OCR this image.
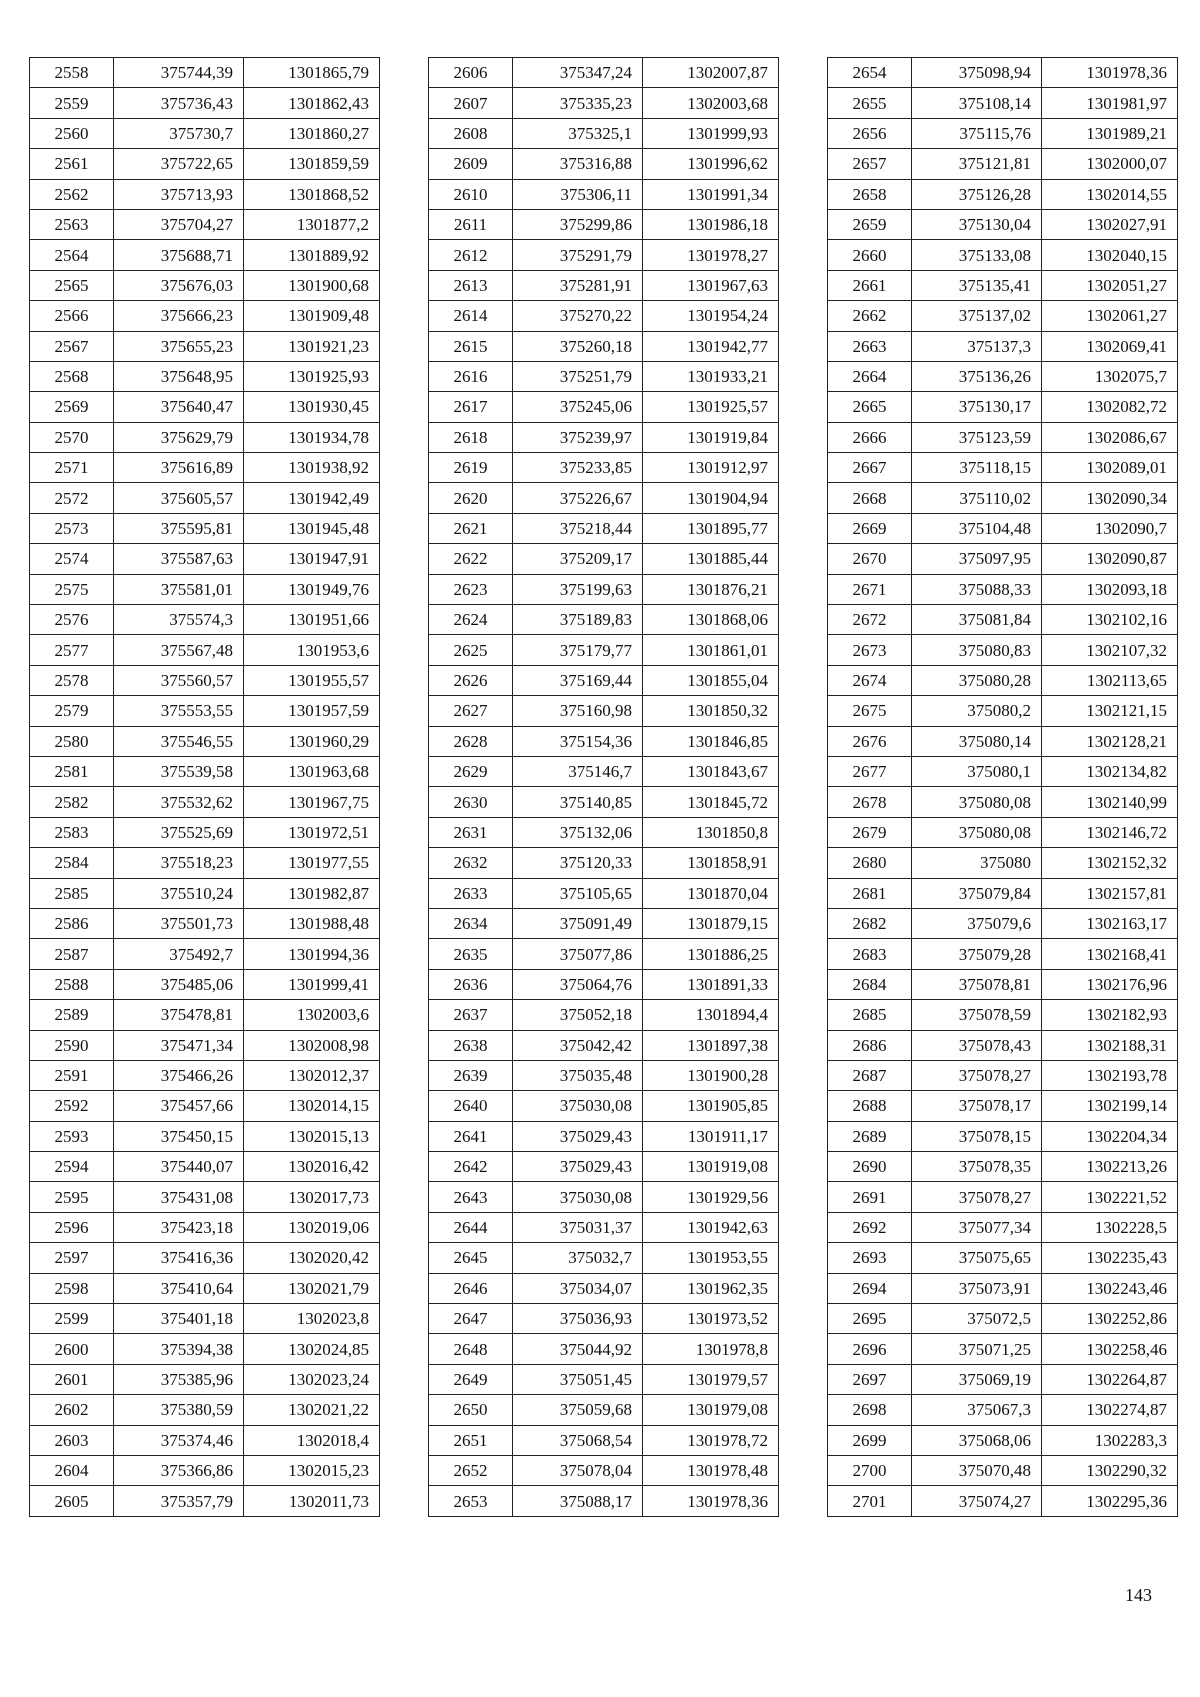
2558	375744,39	1301865,79
2559	375736,43	1301862,43
2560	375730,7	1301860,27
2561	375722,65	1301859,59
2562	375713,93	1301868,52
2563	375704,27	1301877,2
2564	375688,71	1301889,92
2565	375676,03	1301900,68
2566	375666,23	1301909,48
2567	375655,23	1301921,23
2568	375648,95	1301925,93
2569	375640,47	1301930,45
2570	375629,79	1301934,78
2571	375616,89	1301938,92
2572	375605,57	1301942,49
2573	375595,81	1301945,48
2574	375587,63	1301947,91
2575	375581,01	1301949,76
2576	375574,3	1301951,66
2577	375567,48	1301953,6
2578	375560,57	1301955,57
2579	375553,55	1301957,59
2580	375546,55	1301960,29
2581	375539,58	1301963,68
2582	375532,62	1301967,75
2583	375525,69	1301972,51
2584	375518,23	1301977,55
2585	375510,24	1301982,87
2586	375501,73	1301988,48
2587	375492,7	1301994,36
2588	375485,06	1301999,41
2589	375478,81	1302003,6
2590	375471,34	1302008,98
2591	375466,26	1302012,37
2592	375457,66	1302014,15
2593	375450,15	1302015,13
2594	375440,07	1302016,42
2595	375431,08	1302017,73
2596	375423,18	1302019,06
2597	375416,36	1302020,42
2598	375410,64	1302021,79
2599	375401,18	1302023,8
2600	375394,38	1302024,85
2601	375385,96	1302023,24
2602	375380,59	1302021,22
2603	375374,46	1302018,4
2604	375366,86	1302015,23
2605	375357,79	1302011,73
2606	375347,24	1302007,87
2607	375335,23	1302003,68
2608	375325,1	1301999,93
2609	375316,88	1301996,62
2610	375306,11	1301991,34
2611	375299,86	1301986,18
2612	375291,79	1301978,27
2613	375281,91	1301967,63
2614	375270,22	1301954,24
2615	375260,18	1301942,77
2616	375251,79	1301933,21
2617	375245,06	1301925,57
2618	375239,97	1301919,84
2619	375233,85	1301912,97
2620	375226,67	1301904,94
2621	375218,44	1301895,77
2622	375209,17	1301885,44
2623	375199,63	1301876,21
2624	375189,83	1301868,06
2625	375179,77	1301861,01
2626	375169,44	1301855,04
2627	375160,98	1301850,32
2628	375154,36	1301846,85
2629	375146,7	1301843,67
2630	375140,85	1301845,72
2631	375132,06	1301850,8
2632	375120,33	1301858,91
2633	375105,65	1301870,04
2634	375091,49	1301879,15
2635	375077,86	1301886,25
2636	375064,76	1301891,33
2637	375052,18	1301894,4
2638	375042,42	1301897,38
2639	375035,48	1301900,28
2640	375030,08	1301905,85
2641	375029,43	1301911,17
2642	375029,43	1301919,08
2643	375030,08	1301929,56
2644	375031,37	1301942,63
2645	375032,7	1301953,55
2646	375034,07	1301962,35
2647	375036,93	1301973,52
2648	375044,92	1301978,8
2649	375051,45	1301979,57
2650	375059,68	1301979,08
2651	375068,54	1301978,72
2652	375078,04	1301978,48
2653	375088,17	1301978,36
2654	375098,94	1301978,36
2655	375108,14	1301981,97
2656	375115,76	1301989,21
2657	375121,81	1302000,07
2658	375126,28	1302014,55
2659	375130,04	1302027,91
2660	375133,08	1302040,15
2661	375135,41	1302051,27
2662	375137,02	1302061,27
2663	375137,3	1302069,41
2664	375136,26	1302075,7
2665	375130,17	1302082,72
2666	375123,59	1302086,67
2667	375118,15	1302089,01
2668	375110,02	1302090,34
2669	375104,48	1302090,7
2670	375097,95	1302090,87
2671	375088,33	1302093,18
2672	375081,84	1302102,16
2673	375080,83	1302107,32
2674	375080,28	1302113,65
2675	375080,2	1302121,15
2676	375080,14	1302128,21
2677	375080,1	1302134,82
2678	375080,08	1302140,99
2679	375080,08	1302146,72
2680	375080	1302152,32
2681	375079,84	1302157,81
2682	375079,6	1302163,17
2683	375079,28	1302168,41
2684	375078,81	1302176,96
2685	375078,59	1302182,93
2686	375078,43	1302188,31
2687	375078,27	1302193,78
2688	375078,17	1302199,14
2689	375078,15	1302204,34
2690	375078,35	1302213,26
2691	375078,27	1302221,52
2692	375077,34	1302228,5
2693	375075,65	1302235,43
2694	375073,91	1302243,46
2695	375072,5	1302252,86
2696	375071,25	1302258,46
2697	375069,19	1302264,87
2698	375067,3	1302274,87
2699	375068,06	1302283,3
2700	375070,48	1302290,32
2701	375074,27	1302295,36
143
